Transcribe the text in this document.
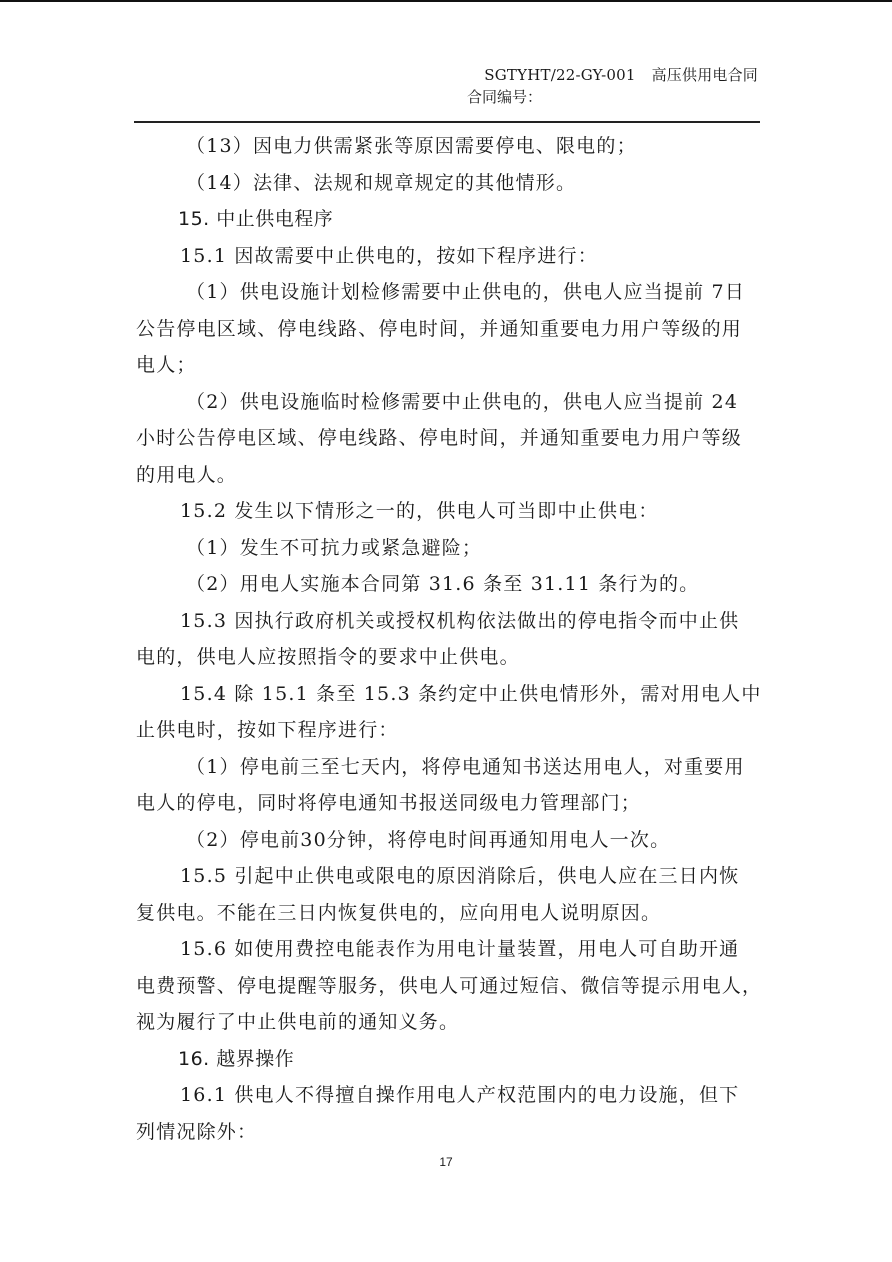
SGTYHT/22-GY-001 高压供用电合同
合同编号：

（13）因电力供需紧张等原因需要停电、限电的；

（14）法律、法规和规章规定的其他情形。

15. 中止供电程序

15.1 因故需要中止供电的，按如下程序进行：

（1）供电设施计划检修需要中止供电的，供电人应当提前 7日

公告停电区域、停电线路、停电时间，并通知重要电力用户等级的用

电人；

（2）供电设施临时检修需要中止供电的，供电人应当提前 24

小时公告停电区域、停电线路、停电时间，并通知重要电力用户等级

的用电人。

15.2 发生以下情形之一的，供电人可当即中止供电：

（1）发生不可抗力或紧急避险；

（2）用电人实施本合同第 31.6 条至 31.11 条行为的。

15.3 因执行政府机关或授权机构依法做出的停电指令而中止供

电的，供电人应按照指令的要求中止供电。

15.4 除 15.1 条至 15.3 条约定中止供电情形外，需对用电人中

止供电时，按如下程序进行：

（1）停电前三至七天内，将停电通知书送达用电人，对重要用

电人的停电，同时将停电通知书报送同级电力管理部门；

（2）停电前30分钟，将停电时间再通知用电人一次。

15.5 引起中止供电或限电的原因消除后，供电人应在三日内恢

复供电。不能在三日内恢复供电的，应向用电人说明原因。

15.6 如使用费控电能表作为用电计量装置，用电人可自助开通

电费预警、停电提醒等服务，供电人可通过短信、微信等提示用电人，

视为履行了中止供电前的通知义务。

16. 越界操作

16.1 供电人不得擅自操作用电人产权范围内的电力设施，但下

列情况除外：

17
